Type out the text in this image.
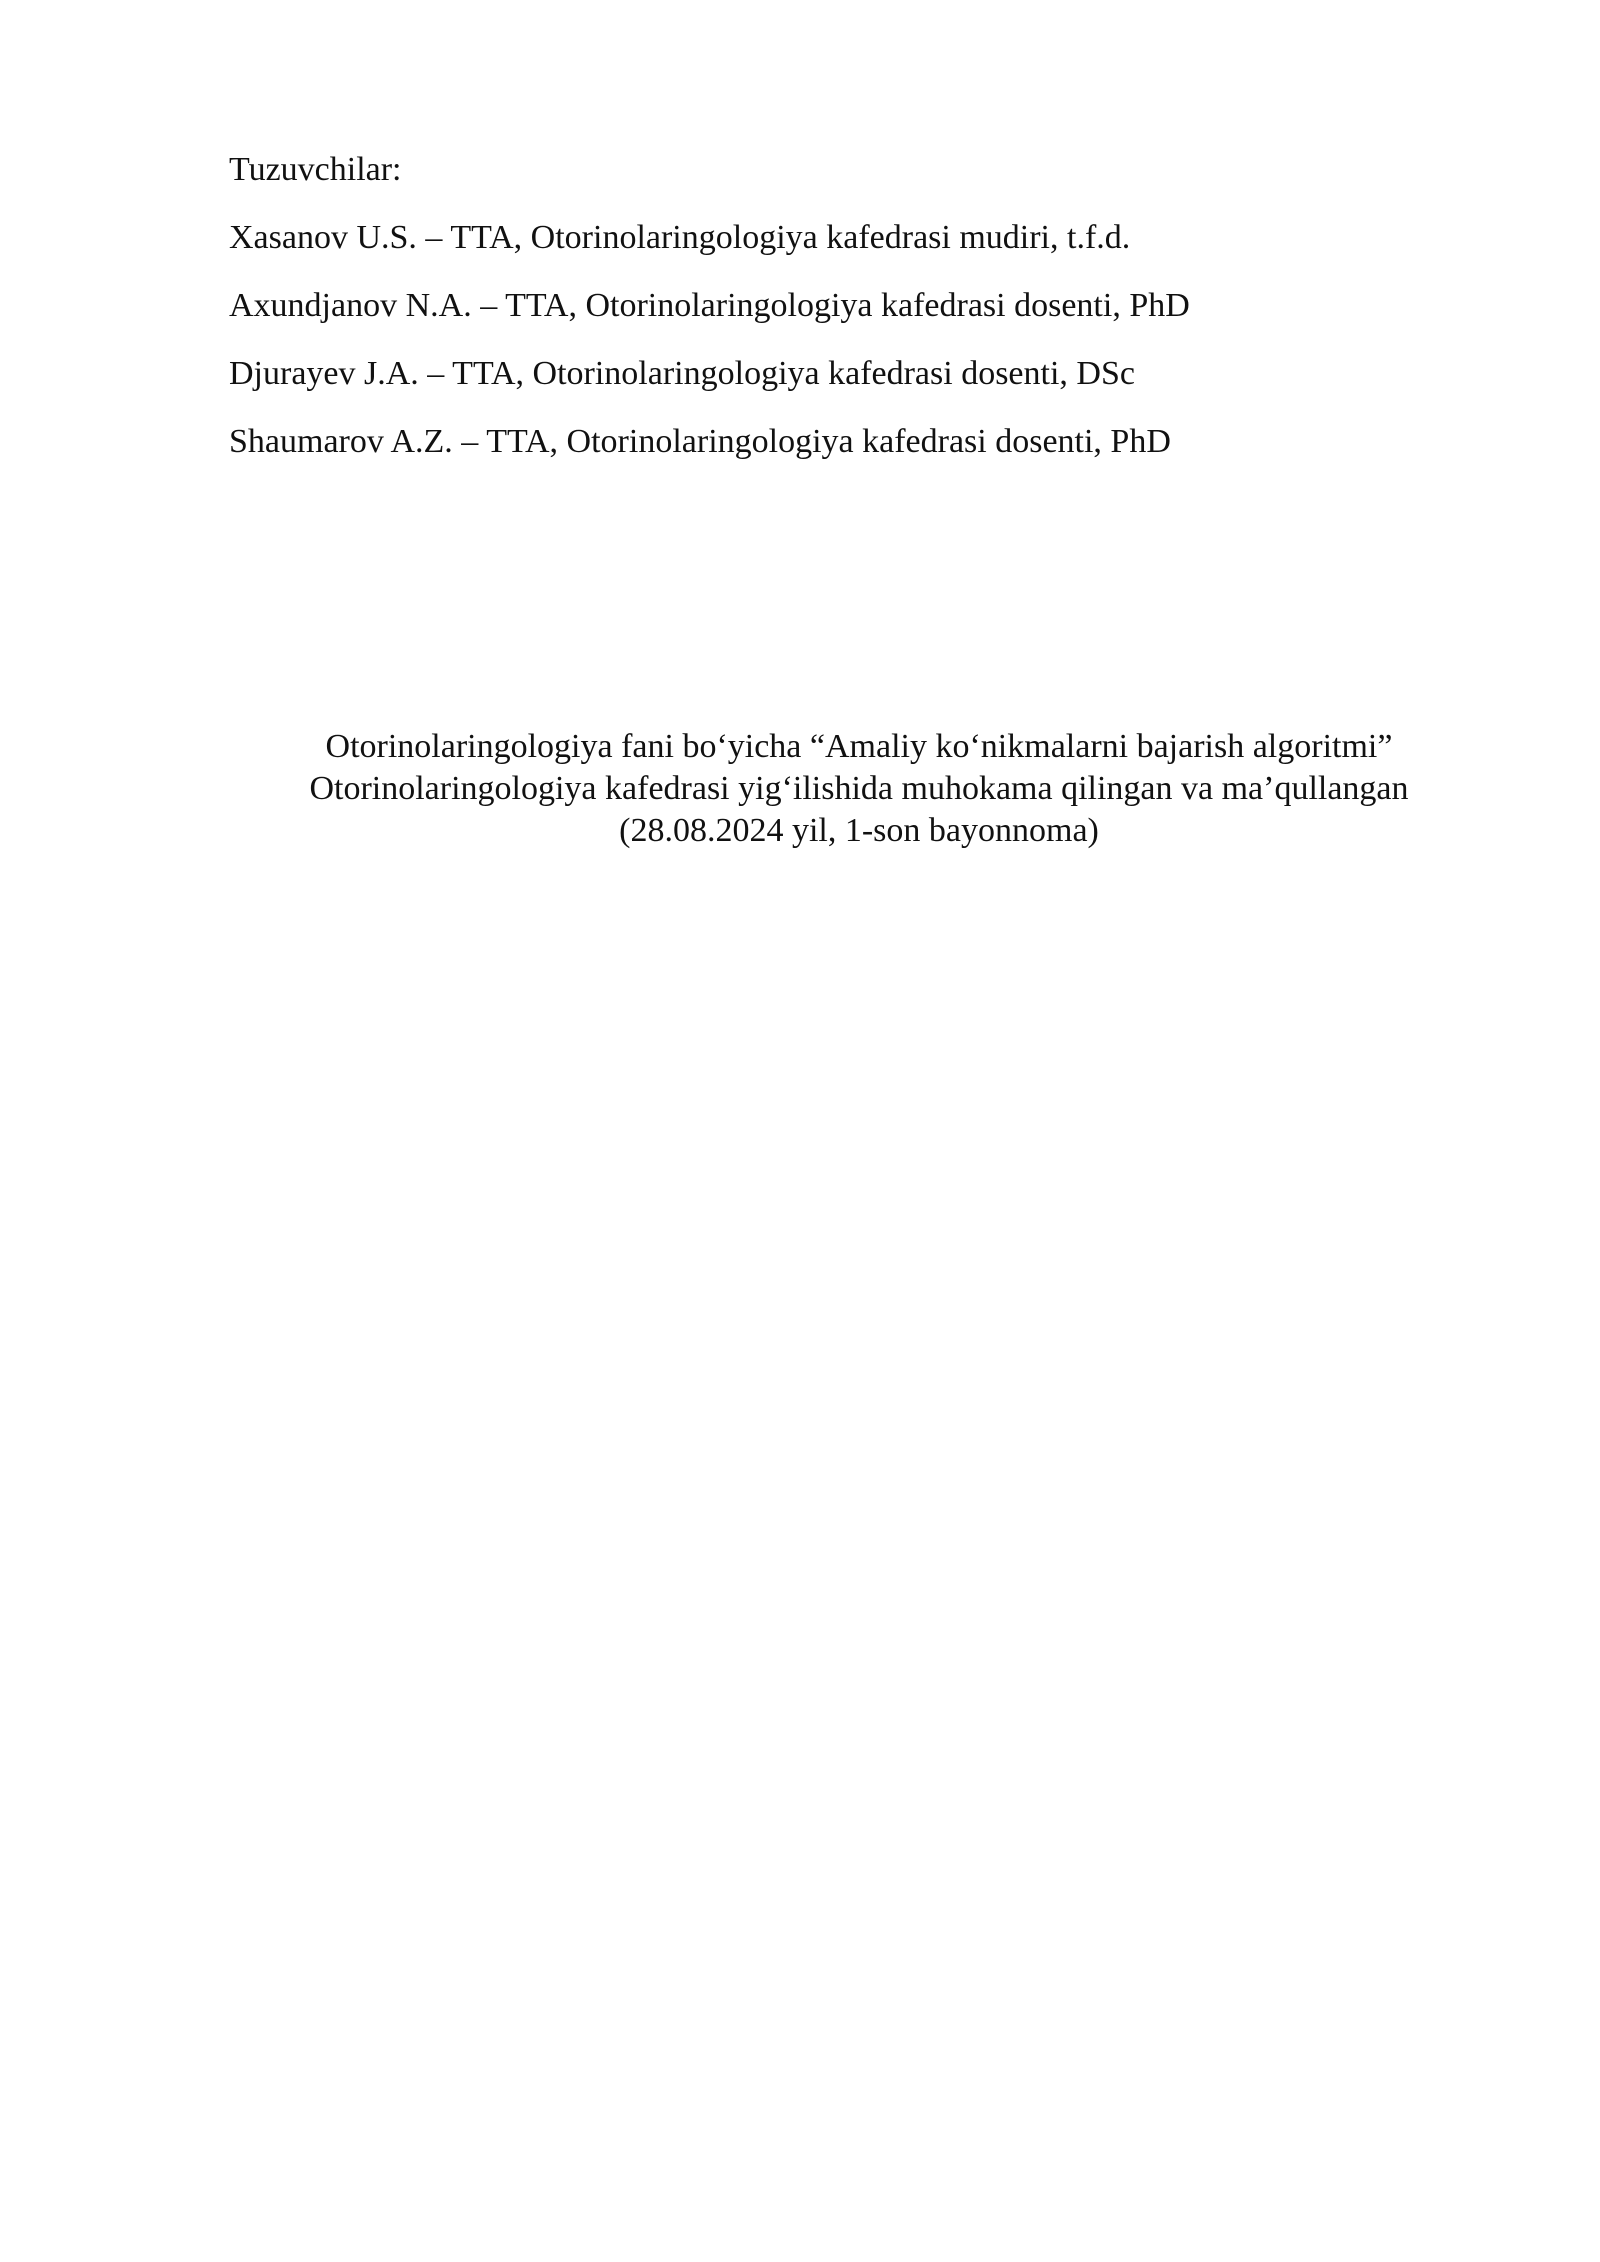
Tuzuvchilar:
Xasanov U.S. – TTA, Otorinolaringologiya kafedrasi mudiri, t.f.d.
Axundjanov N.A. – TTA, Otorinolaringologiya kafedrasi dosenti, PhD
Djurayev J.A. – TTA, Otorinolaringologiya kafedrasi dosenti, DSc
Shaumarov A.Z. – TTA, Otorinolaringologiya kafedrasi dosenti, PhD
Otorinolaringologiya fani bo‘yicha “Amaliy ko‘nikmalarni bajarish algoritmi”
Otorinolaringologiya kafedrasi yig‘ilishida muhokama qilingan va ma’qullangan
(28.08.2024 yil, 1-son bayonnoma)
